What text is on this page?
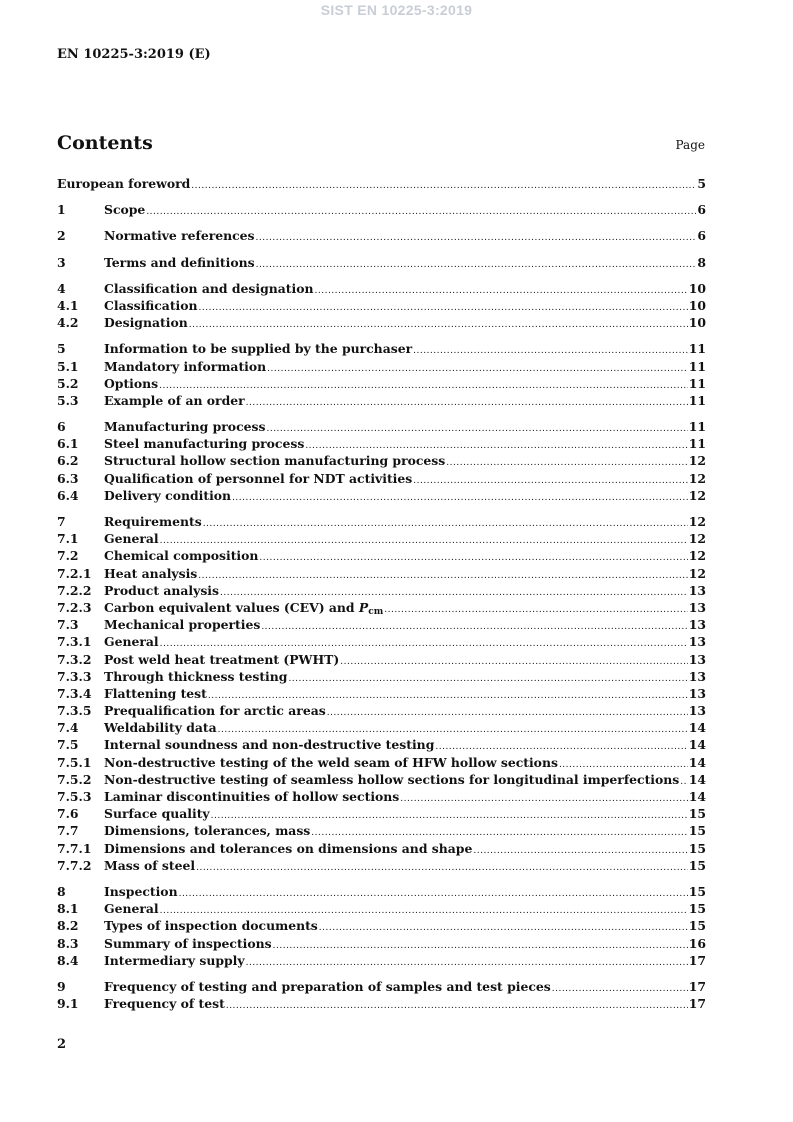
SIST EN 10225-3:2019
EN 10225-3:2019 (E)
Contents	Page
European foreword .....	5
1	Scope .....	6
2	Normative references .....	6
3	Terms and definitions .....	8
4	Classification and designation .....	10
4.1	Classification .....	10
4.2	Designation .....	10
5	Information to be supplied by the purchaser .....	11
5.1	Mandatory information .....	11
5.2	Options .....	11
5.3	Example of an order .....	11
6	Manufacturing process .....	11
6.1	Steel manufacturing process .....	11
6.2	Structural hollow section manufacturing process .....	12
6.3	Qualification of personnel for NDT activities .....	12
6.4	Delivery condition .....	12
7	Requirements .....	12
7.1	General .....	12
7.2	Chemical composition .....	12
7.2.1	Heat analysis .....	12
7.2.2	Product analysis .....	13
7.2.3	Carbon equivalent values (CEV) and $P_{cm}$ .....	13
7.3	Mechanical properties .....	13
7.3.1	General .....	13
7.3.2	Post weld heat treatment (PWHT) .....	13
7.3.3	Through thickness testing .....	13
7.3.4	Flattening test .....	13
7.3.5	Prequalification for arctic areas .....	13
7.4	Weldability data .....	14
7.5	Internal soundness and non-destructive testing .....	14
7.5.1	Non-destructive testing of the weld seam of HFW hollow sections .....	14
7.5.2	Non-destructive testing of seamless hollow sections for longitudinal imperfections ..... 14
7.5.3	Laminar discontinuities of hollow sections .....	14
7.6	Surface quality .....	15
7.7	Dimensions, tolerances, mass .....	15
7.7.1	Dimensions and tolerances on dimensions and shape .....	15
7.7.2	Mass of steel .....	15
8	Inspection .....	15
8.1	General .....	15
8.2	Types of inspection documents .....	15
8.3	Summary of inspections .....	16
8.4	Intermediary supply .....	17
9	Frequency of testing and preparation of samples and test pieces .....	17
9.1	Frequency of test .....	17
2
